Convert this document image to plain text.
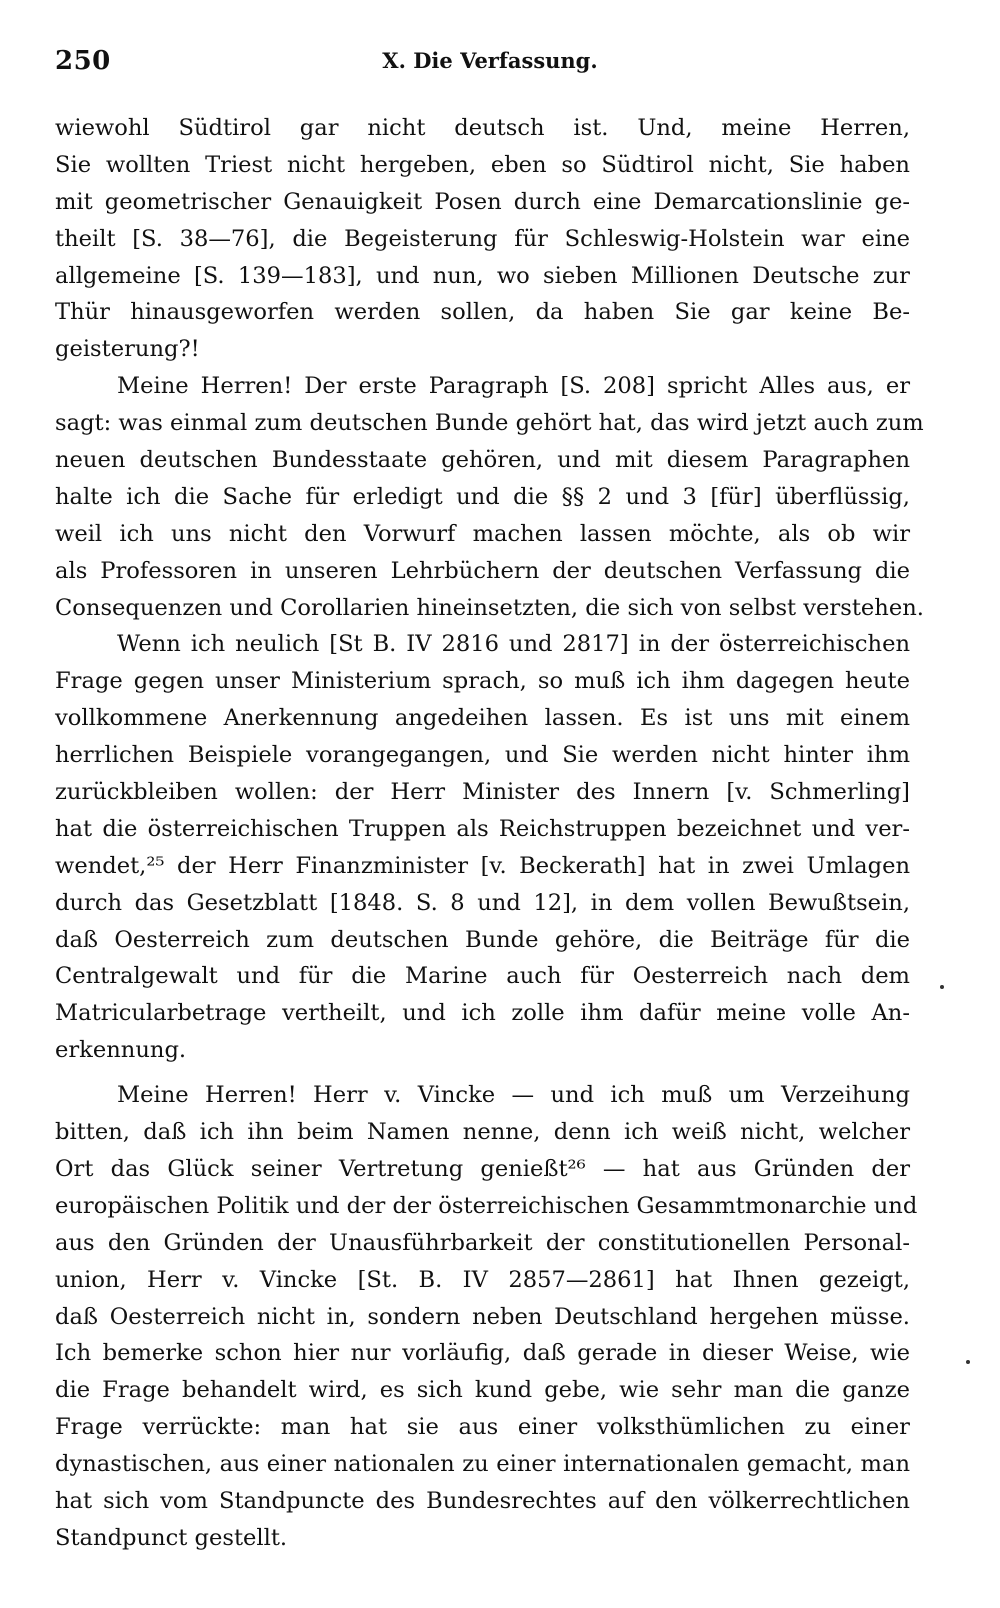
250	X. Die Verfassung.
wiewohl Südtirol gar nicht deutsch ist. Und, meine Herren,
Sie wollten Triest nicht hergeben, eben so Südtirol nicht, Sie haben
mit geometrischer Genauigkeit Posen durch eine Demarcationslinie ge-
theilt [S. 38—76], die Begeisterung für Schleswig-Holstein war eine
allgemeine [S. 139—183], und nun, wo sieben Millionen Deutsche zur
Thür hinausgeworfen werden sollen, da haben Sie gar keine Be-
geisterung?!
Meine Herren! Der erste Paragraph [S. 208] spricht Alles aus, er
sagt: was einmal zum deutschen Bunde gehört hat, das wird jetzt auch zum
neuen deutschen Bundesstaate gehören, und mit diesem Paragraphen
halte ich die Sache für erledigt und die §§ 2 und 3 [für] überflüssig,
weil ich uns nicht den Vorwurf machen lassen möchte, als ob wir
als Professoren in unseren Lehrbüchern der deutschen Verfassung die
Consequenzen und Corollarien hineinsetzten, die sich von selbst verstehen.
Wenn ich neulich [St B. IV 2816 und 2817] in der österreichischen
Frage gegen unser Ministerium sprach, so muß ich ihm dagegen heute
vollkommene Anerkennung angedeihen lassen. Es ist uns mit einem
herrlichen Beispiele vorangegangen, und Sie werden nicht hinter ihm
zurückbleiben wollen: der Herr Minister des Innern [v. Schmerling]
hat die österreichischen Truppen als Reichstruppen bezeichnet und ver-
wendet,²⁵ der Herr Finanzminister [v. Beckerath] hat in zwei Umlagen
durch das Gesetzblatt [1848. S. 8 und 12], in dem vollen Bewußtsein,
daß Oesterreich zum deutschen Bunde gehöre, die Beiträge für die
Centralgewalt und für die Marine auch für Oesterreich nach dem
Matricularbetrage vertheilt, und ich zolle ihm dafür meine volle An-
erkennung.
Meine Herren! Herr v. Vincke — und ich muß um Verzeihung
bitten, daß ich ihn beim Namen nenne, denn ich weiß nicht, welcher
Ort das Glück seiner Vertretung genießt²⁶ — hat aus Gründen der
europäischen Politik und der der österreichischen Gesammtmonarchie und
aus den Gründen der Unausführbarkeit der constitutionellen Personal-
union, Herr v. Vincke [St. B. IV 2857—2861] hat Ihnen gezeigt,
daß Oesterreich nicht in, sondern neben Deutschland hergehen müsse.
Ich bemerke schon hier nur vorläufig, daß gerade in dieser Weise, wie
die Frage behandelt wird, es sich kund gebe, wie sehr man die ganze
Frage verrückte: man hat sie aus einer volksthümlichen zu einer
dynastischen, aus einer nationalen zu einer internationalen gemacht, man
hat sich vom Standpuncte des Bundesrechtes auf den völkerrechtlichen
Standpunct gestellt.
